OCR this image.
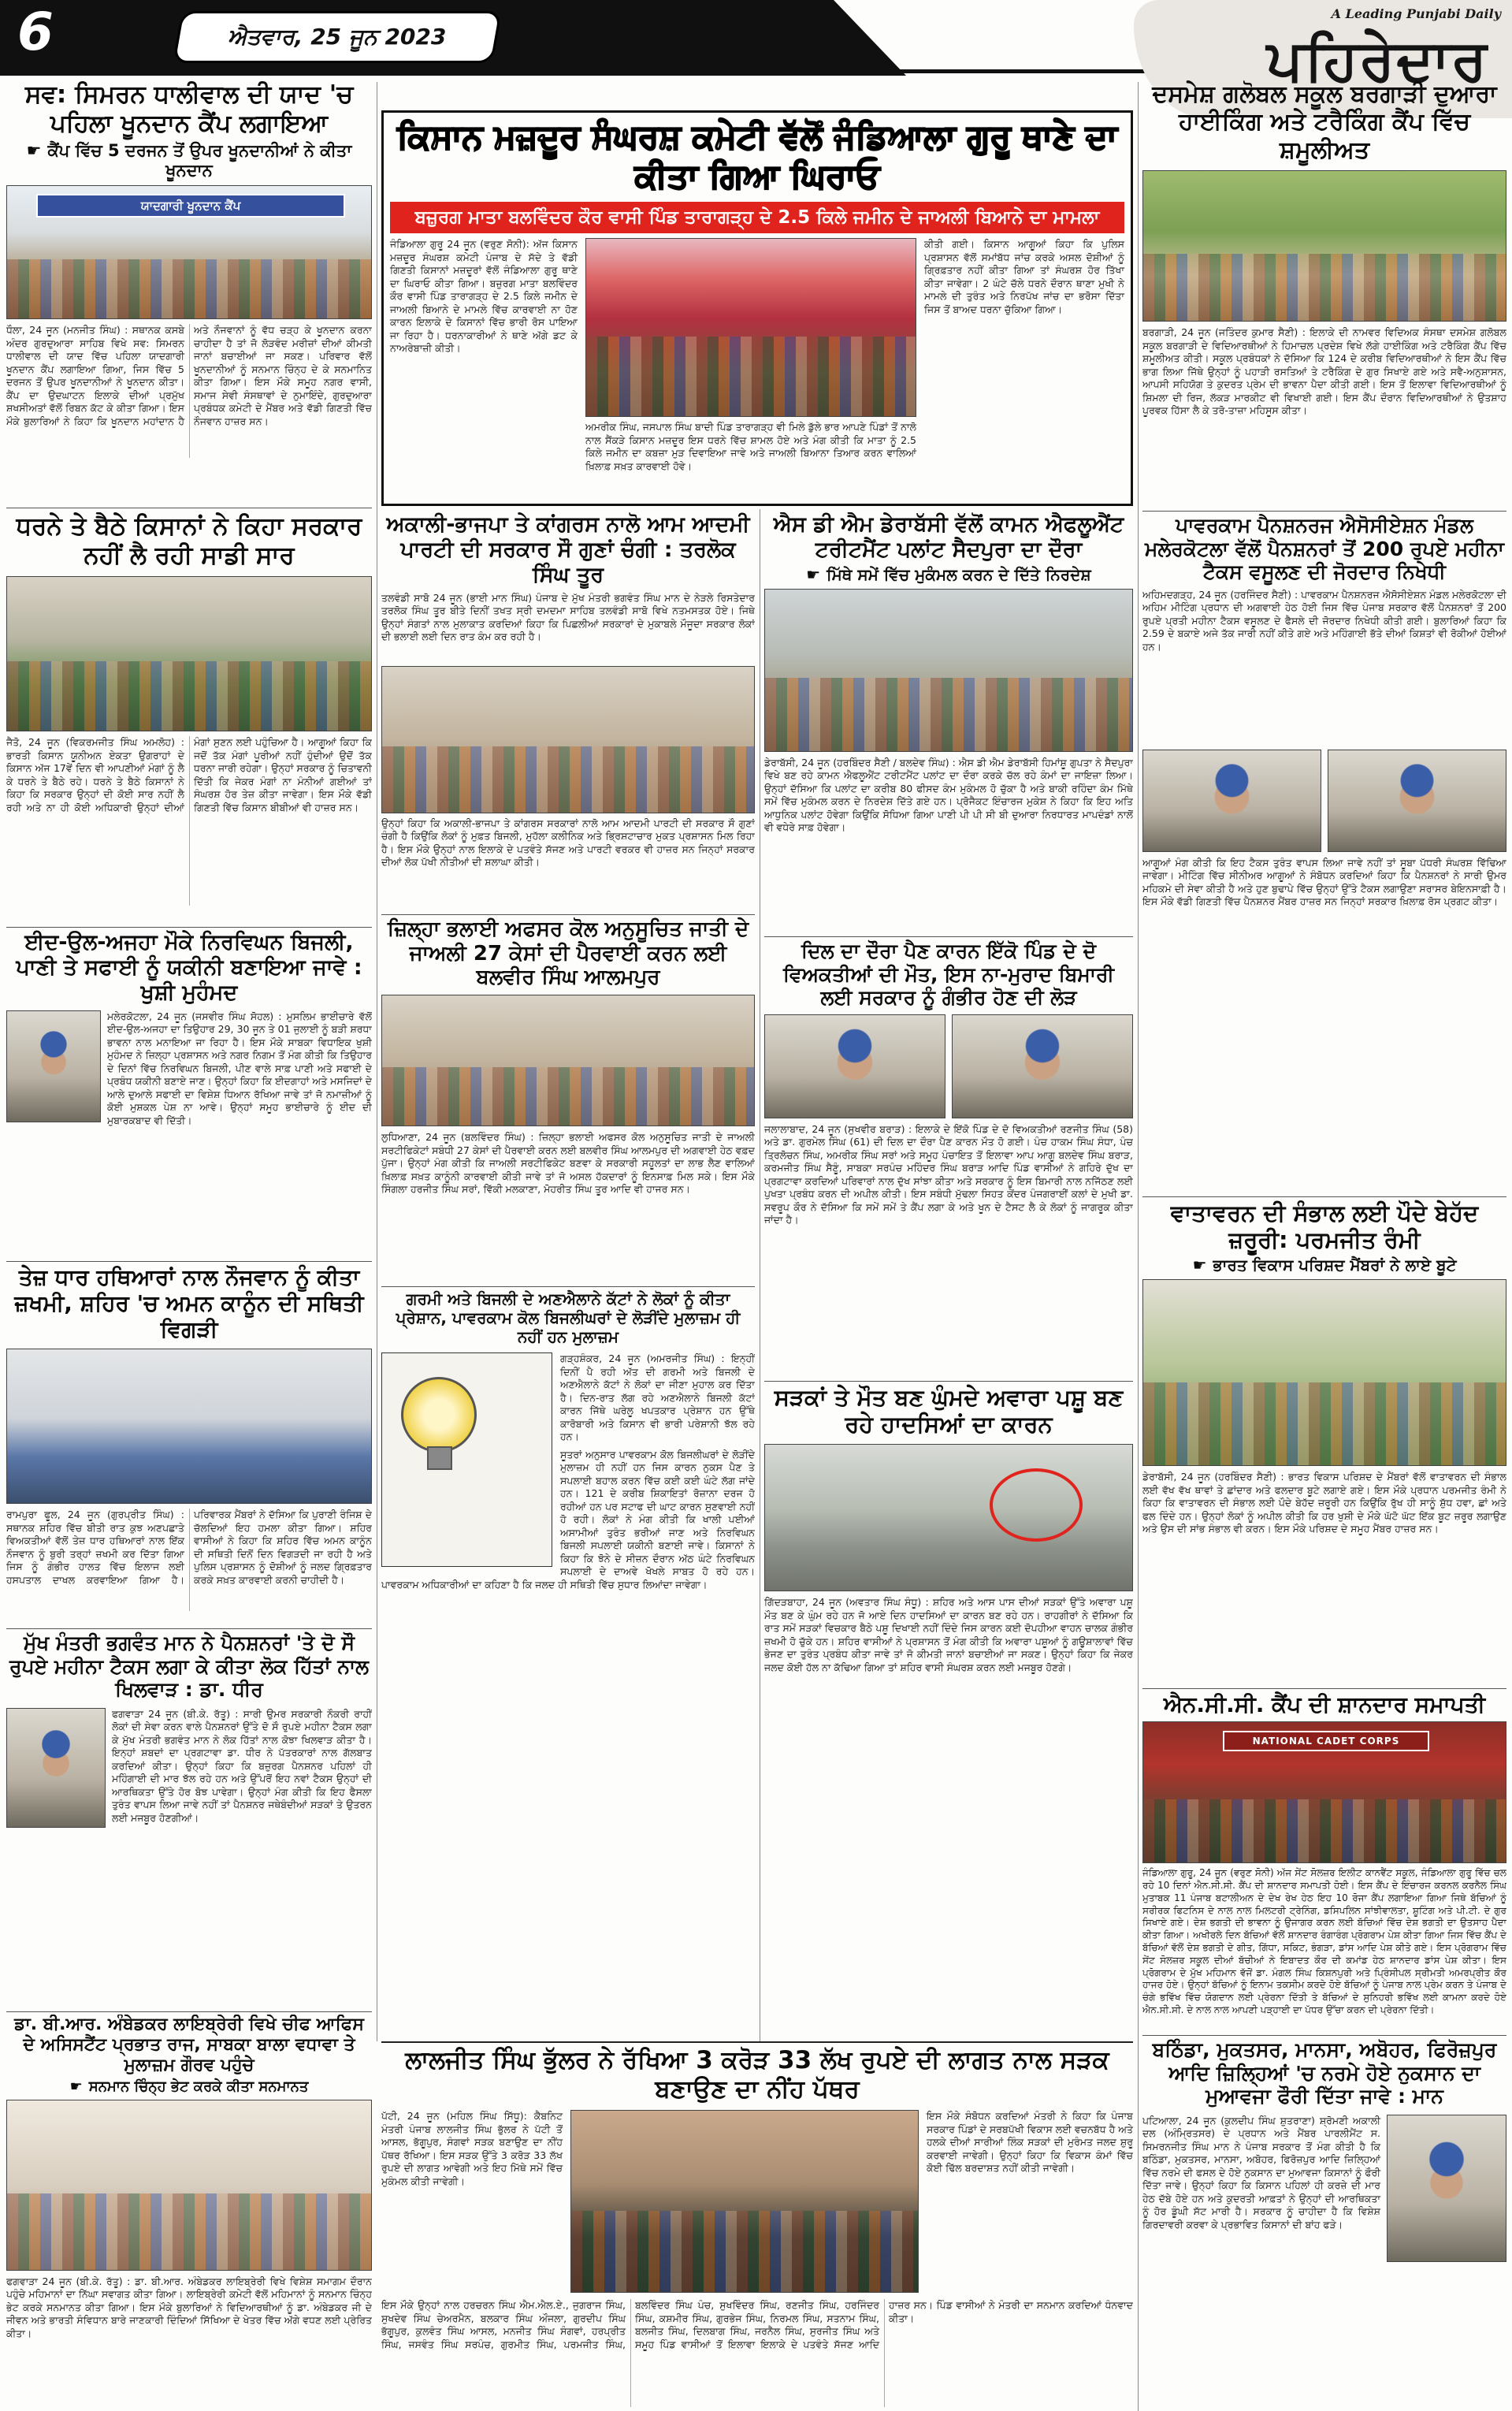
6	ਐਤਵਾਰ, 25 ਜੂਨ 2023
A Leading Punjabi Daily
ਪਹਿਰੇਦਾਰ
ਸਵ: ਸਿਮਰਨ ਧਾਲੀਵਾਲ ਦੀ ਯਾਦ 'ਚ ਪਹਿਲਾ ਖੂਨਦਾਨ ਕੈਂਪ ਲਗਾਇਆ
☛ ਕੈਂਪ ਵਿੱਚ 5 ਦਰਜਨ ਤੋਂ ਉਪਰ ਖੂਨਦਾਨੀਆਂ ਨੇ ਕੀਤਾ ਖੂਨਦਾਨ
ਯਾਦਗਾਰੀ ਖੂਨਦਾਨ ਕੈਂਪ
ਧੌਲਾ, 24 ਜੂਨ (ਮਨਜੀਤ ਸਿੰਘ) : ਸਥਾਨਕ ਕਸਬੇ ਅੰਦਰ ਗੁਰਦੁਆਰਾ ਸਾਹਿਬ ਵਿਖੇ ਸਵ: ਸਿਮਰਨ ਧਾਲੀਵਾਲ ਦੀ ਯਾਦ ਵਿੱਚ ਪਹਿਲਾ ਯਾਦਗਾਰੀ ਖੂਨਦਾਨ ਕੈਂਪ ਲਗਾਇਆ ਗਿਆ, ਜਿਸ ਵਿੱਚ 5 ਦਰਜਨ ਤੋਂ ਉਪਰ ਖੂਨਦਾਨੀਆਂ ਨੇ ਖੂਨਦਾਨ ਕੀਤਾ। ਕੈਂਪ ਦਾ ਉਦਘਾਟਨ ਇਲਾਕੇ ਦੀਆਂ ਪ੍ਰਮੁੱਖ ਸ਼ਖਸੀਅਤਾਂ ਵੱਲੋਂ ਰਿਬਨ ਕੱਟ ਕੇ ਕੀਤਾ ਗਿਆ। ਇਸ ਮੌਕੇ ਬੁਲਾਰਿਆਂ ਨੇ ਕਿਹਾ ਕਿ ਖੂਨਦਾਨ ਮਹਾਂਦਾਨ ਹੈ ਅਤੇ ਨੌਜਵਾਨਾਂ ਨੂੰ ਵੱਧ ਚੜ੍ਹ ਕੇ ਖੂਨਦਾਨ ਕਰਨਾ ਚਾਹੀਦਾ ਹੈ ਤਾਂ ਜੋ ਲੋੜਵੰਦ ਮਰੀਜ਼ਾਂ ਦੀਆਂ ਕੀਮਤੀ ਜਾਨਾਂ ਬਚਾਈਆਂ ਜਾ ਸਕਣ। ਪਰਿਵਾਰ ਵੱਲੋਂ ਖੂਨਦਾਨੀਆਂ ਨੂੰ ਸਨਮਾਨ ਚਿੰਨ੍ਹ ਦੇ ਕੇ ਸਨਮਾਨਿਤ ਕੀਤਾ ਗਿਆ। ਇਸ ਮੌਕੇ ਸਮੂਹ ਨਗਰ ਵਾਸੀ, ਸਮਾਜ ਸੇਵੀ ਸੰਸਥਾਵਾਂ ਦੇ ਨੁਮਾਇੰਦੇ, ਗੁਰਦੁਆਰਾ ਪ੍ਰਬੰਧਕ ਕਮੇਟੀ ਦੇ ਮੈਂਬਰ ਅਤੇ ਵੱਡੀ ਗਿਣਤੀ ਵਿੱਚ ਨੌਜਵਾਨ ਹਾਜ਼ਰ ਸਨ।
ਕਿਸਾਨ ਮਜ਼ਦੂਰ ਸੰਘਰਸ਼ ਕਮੇਟੀ ਵੱਲੋਂ ਜੰਡਿਆਲਾ ਗੁਰੂ ਥਾਣੇ ਦਾ ਕੀਤਾ ਗਿਆ ਘਿਰਾਓ
ਬਜ਼ੁਰਗ ਮਾਤਾ ਬਲਵਿੰਦਰ ਕੌਰ ਵਾਸੀ ਪਿੰਡ ਤਾਰਾਗੜ੍ਹ ਦੇ 2.5 ਕਿਲੇ ਜਮੀਨ ਦੇ ਜਾਅਲੀ ਬਿਆਨੇ ਦਾ ਮਾਮਲਾ
ਜੰਡਿਆਲਾ ਗੁਰੂ 24 ਜੂਨ (ਵਰੁਣ ਸੋਨੀ): ਅੱਜ ਕਿਸਾਨ ਮਜ਼ਦੂਰ ਸੰਘਰਸ਼ ਕਮੇਟੀ ਪੰਜਾਬ ਦੇ ਸੱਦੇ ਤੇ ਵੱਡੀ ਗਿਣਤੀ ਕਿਸਾਨਾਂ ਮਜ਼ਦੂਰਾਂ ਵੱਲੋਂ ਜੰਡਿਆਲਾ ਗੁਰੂ ਥਾਣੇ ਦਾ ਘਿਰਾਓ ਕੀਤਾ ਗਿਆ। ਬਜ਼ੁਰਗ ਮਾਤਾ ਬਲਵਿੰਦਰ ਕੌਰ ਵਾਸੀ ਪਿੰਡ ਤਾਰਾਗੜ੍ਹ ਦੇ 2.5 ਕਿਲੇ ਜਮੀਨ ਦੇ ਜਾਅਲੀ ਬਿਆਨੇ ਦੇ ਮਾਮਲੇ ਵਿੱਚ ਕਾਰਵਾਈ ਨਾ ਹੋਣ ਕਾਰਨ ਇਲਾਕੇ ਦੇ ਕਿਸਾਨਾਂ ਵਿੱਚ ਭਾਰੀ ਰੋਸ ਪਾਇਆ ਜਾ ਰਿਹਾ ਹੈ। ਧਰਨਾਕਾਰੀਆਂ ਨੇ ਥਾਣੇ ਅੱਗੇ ਡਟ ਕੇ ਨਾਅਰੇਬਾਜ਼ੀ ਕੀਤੀ।
ਅਮਰੀਕ ਸਿੰਘ, ਜਸਪਾਲ ਸਿੰਘ ਬਾਦੀ ਪਿੰਡ ਤਾਰਾਗੜ੍ਹ ਵੀ ਮਿਲੇ ਡੁੱਲੇ ਭਾਰ ਆਪਣੇ ਪਿੰਡਾਂ ਤੋਂ ਨਾਲੋ ਨਾਲ ਸੈਂਕੜੇ ਕਿਸਾਨ ਮਜ਼ਦੂਰ ਇਸ ਧਰਨੇ ਵਿੱਚ ਸ਼ਾਮਲ ਹੋਏ ਅਤੇ ਮੰਗ ਕੀਤੀ ਕਿ ਮਾਤਾ ਨੂੰ 2.5 ਕਿਲੇ ਜਮੀਨ ਦਾ ਕਬਜ਼ਾ ਮੁੜ ਦਿਵਾਇਆ ਜਾਵੇ ਅਤੇ ਜਾਅਲੀ ਬਿਆਨਾ ਤਿਆਰ ਕਰਨ ਵਾਲਿਆਂ ਖ਼ਿਲਾਫ਼ ਸਖ਼ਤ ਕਾਰਵਾਈ ਹੋਵੇ।
ਕੀਤੀ ਗਈ। ਕਿਸਾਨ ਆਗੂਆਂ ਕਿਹਾ ਕਿ ਪੁਲਿਸ ਪ੍ਰਸ਼ਾਸਨ ਵੱਲੋਂ ਸਮਾਂਬੱਧ ਜਾਂਚ ਕਰਕੇ ਅਸਲ ਦੋਸ਼ੀਆਂ ਨੂੰ ਗ੍ਰਿਫ਼ਤਾਰ ਨਹੀਂ ਕੀਤਾ ਗਿਆ ਤਾਂ ਸੰਘਰਸ਼ ਹੋਰ ਤਿੱਖਾ ਕੀਤਾ ਜਾਵੇਗਾ। 2 ਘੰਟੇ ਚੱਲੇ ਧਰਨੇ ਦੌਰਾਨ ਥਾਣਾ ਮੁਖੀ ਨੇ ਮਾਮਲੇ ਦੀ ਤੁਰੰਤ ਅਤੇ ਨਿਰਪੱਖ ਜਾਂਚ ਦਾ ਭਰੋਸਾ ਦਿੱਤਾ ਜਿਸ ਤੋਂ ਬਾਅਦ ਧਰਨਾ ਚੁੱਕਿਆ ਗਿਆ।
ਦਸਮੇਸ਼ ਗਲੋਬਲ ਸਕੂਲ ਬਰਗਾੜੀ ਦੁਆਰਾ ਹਾਈਕਿੰਗ ਅਤੇ ਟਰੈਕਿੰਗ ਕੈਂਪ ਵਿੱਚ ਸ਼ਮੂਲੀਅਤ
ਬਰਗਾੜੀ, 24 ਜੂਨ (ਜਤਿੰਦਰ ਕੁਮਾਰ ਸੈਣੀ) : ਇਲਾਕੇ ਦੀ ਨਾਮਵਰ ਵਿਦਿਅਕ ਸੰਸਥਾ ਦਸਮੇਸ਼ ਗਲੋਬਲ ਸਕੂਲ ਬਰਗਾੜੀ ਦੇ ਵਿਦਿਆਰਥੀਆਂ ਨੇ ਹਿਮਾਚਲ ਪ੍ਰਦੇਸ਼ ਵਿਖੇ ਲੱਗੇ ਹਾਈਕਿੰਗ ਅਤੇ ਟਰੈਕਿੰਗ ਕੈਂਪ ਵਿੱਚ ਸ਼ਮੂਲੀਅਤ ਕੀਤੀ। ਸਕੂਲ ਪ੍ਰਬੰਧਕਾਂ ਨੇ ਦੱਸਿਆ ਕਿ 124 ਦੇ ਕਰੀਬ ਵਿਦਿਆਰਥੀਆਂ ਨੇ ਇਸ ਕੈਂਪ ਵਿੱਚ ਭਾਗ ਲਿਆ ਜਿੱਥੇ ਉਨ੍ਹਾਂ ਨੂੰ ਪਹਾੜੀ ਰਸਤਿਆਂ ਤੇ ਟਰੈਕਿੰਗ ਦੇ ਗੁਰ ਸਿਖਾਏ ਗਏ ਅਤੇ ਸਵੈ-ਅਨੁਸ਼ਾਸਨ, ਆਪਸੀ ਸਹਿਯੋਗ ਤੇ ਕੁਦਰਤ ਪ੍ਰੇਮ ਦੀ ਭਾਵਨਾ ਪੈਦਾ ਕੀਤੀ ਗਈ। ਇਸ ਤੋਂ ਇਲਾਵਾ ਵਿਦਿਆਰਥੀਆਂ ਨੂੰ ਸ਼ਿਮਲਾ ਦੀ ਰਿਜ, ਲੱਕੜ ਮਾਰਕੀਟ ਵੀ ਵਿਖਾਈ ਗਈ। ਇਸ ਕੈਂਪ ਦੌਰਾਨ ਵਿਦਿਆਰਥੀਆਂ ਨੇ ਉਤਸ਼ਾਹ ਪੂਰਵਕ ਹਿੱਸਾ ਲੈ ਕੇ ਤਰੋ-ਤਾਜ਼ਾ ਮਹਿਸੂਸ ਕੀਤਾ।
ਧਰਨੇ ਤੇ ਬੈਠੇ ਕਿਸਾਨਾਂ ਨੇ ਕਿਹਾ ਸਰਕਾਰ ਨਹੀਂ ਲੈ ਰਹੀ ਸਾਡੀ ਸਾਰ
ਜੈਤੋ, 24 ਜੂਨ (ਵਿਕਰਮਜੀਤ ਸਿੰਘ ਅਮਲੋਹ) : ਭਾਰਤੀ ਕਿਸਾਨ ਯੂਨੀਅਨ ਏਕਤਾ ਉਗਰਾਹਾਂ ਦੇ ਕਿਸਾਨ ਅੱਜ 17ਵੇਂ ਦਿਨ ਵੀ ਆਪਣੀਆਂ ਮੰਗਾਂ ਨੂੰ ਲੈ ਕੇ ਧਰਨੇ ਤੇ ਬੈਠੇ ਰਹੇ। ਧਰਨੇ ਤੇ ਬੈਠੇ ਕਿਸਾਨਾਂ ਨੇ ਕਿਹਾ ਕਿ ਸਰਕਾਰ ਉਨ੍ਹਾਂ ਦੀ ਕੋਈ ਸਾਰ ਨਹੀਂ ਲੈ ਰਹੀ ਅਤੇ ਨਾ ਹੀ ਕੋਈ ਅਧਿਕਾਰੀ ਉਨ੍ਹਾਂ ਦੀਆਂ ਮੰਗਾਂ ਸੁਣਨ ਲਈ ਪਹੁੰਚਿਆ ਹੈ। ਆਗੂਆਂ ਕਿਹਾ ਕਿ ਜਦੋਂ ਤੱਕ ਮੰਗਾਂ ਪੂਰੀਆਂ ਨਹੀਂ ਹੁੰਦੀਆਂ ਉਦੋਂ ਤੱਕ ਧਰਨਾ ਜਾਰੀ ਰਹੇਗਾ। ਉਨ੍ਹਾਂ ਸਰਕਾਰ ਨੂੰ ਚਿਤਾਵਨੀ ਦਿੱਤੀ ਕਿ ਜੇਕਰ ਮੰਗਾਂ ਨਾ ਮੰਨੀਆਂ ਗਈਆਂ ਤਾਂ ਸੰਘਰਸ਼ ਹੋਰ ਤੇਜ਼ ਕੀਤਾ ਜਾਵੇਗਾ। ਇਸ ਮੌਕੇ ਵੱਡੀ ਗਿਣਤੀ ਵਿੱਚ ਕਿਸਾਨ ਬੀਬੀਆਂ ਵੀ ਹਾਜ਼ਰ ਸਨ।
ਅਕਾਲੀ-ਭਾਜਪਾ ਤੇ ਕਾਂਗਰਸ ਨਾਲੋ ਆਮ ਆਦਮੀ ਪਾਰਟੀ ਦੀ ਸਰਕਾਰ ਸੌ ਗੁਣਾਂ ਚੰਗੀ : ਤਰਲੋਕ ਸਿੰਘ ਤੂਰ
ਤਲਵੰਡੀ ਸਾਬੋ 24 ਜੂਨ (ਭਾਈ ਮਾਨ ਸਿੰਘ) ਪੰਜਾਬ ਦੇ ਮੁੱਖ ਮੰਤਰੀ ਭਗਵੰਤ ਸਿੰਘ ਮਾਨ ਦੇ ਨੇੜਲੇ ਰਿਸਤੇਦਾਰ ਤਰਲੋਕ ਸਿੰਘ ਤੂਰ ਬੀਤੇ ਦਿਨੀਂ ਤਖਤ ਸ੍ਰੀ ਦਮਦਮਾ ਸਾਹਿਬ ਤਲਵੰਡੀ ਸਾਬੋ ਵਿਖੇ ਨਤਮਸਤਕ ਹੋਏ। ਜਿਥੇ ਉਨ੍ਹਾਂ ਸੰਗਤਾਂ ਨਾਲ ਮੁਲਾਕਾਤ ਕਰਦਿਆਂ ਕਿਹਾ ਕਿ ਪਿਛਲੀਆਂ ਸਰਕਾਰਾਂ ਦੇ ਮੁਕਾਬਲੇ ਮੌਜੂਦਾ ਸਰਕਾਰ ਲੋਕਾਂ ਦੀ ਭਲਾਈ ਲਈ ਦਿਨ ਰਾਤ ਕੰਮ ਕਰ ਰਹੀ ਹੈ।
ਉਨ੍ਹਾਂ ਕਿਹਾ ਕਿ ਅਕਾਲੀ-ਭਾਜਪਾ ਤੇ ਕਾਂਗਰਸ ਸਰਕਾਰਾਂ ਨਾਲੋ ਆਮ ਆਦਮੀ ਪਾਰਟੀ ਦੀ ਸਰਕਾਰ ਸੌ ਗੁਣਾਂ ਚੰਗੀ ਹੈ ਕਿਉਂਕਿ ਲੋਕਾਂ ਨੂੰ ਮੁਫ਼ਤ ਬਿਜਲੀ, ਮੁਹੱਲਾ ਕਲੀਨਿਕ ਅਤੇ ਭ੍ਰਿਸ਼ਟਾਚਾਰ ਮੁਕਤ ਪ੍ਰਸ਼ਾਸਨ ਮਿਲ ਰਿਹਾ ਹੈ। ਇਸ ਮੌਕੇ ਉਨ੍ਹਾਂ ਨਾਲ ਇਲਾਕੇ ਦੇ ਪਤਵੰਤੇ ਸੱਜਣ ਅਤੇ ਪਾਰਟੀ ਵਰਕਰ ਵੀ ਹਾਜ਼ਰ ਸਨ ਜਿਨ੍ਹਾਂ ਸਰਕਾਰ ਦੀਆਂ ਲੋਕ ਪੱਖੀ ਨੀਤੀਆਂ ਦੀ ਸ਼ਲਾਘਾ ਕੀਤੀ।
ਐਸ ਡੀ ਐਮ ਡੇਰਾਬੱਸੀ ਵੱਲੋਂ ਕਾਮਨ ਐਫਲੂਐਂਟ ਟਰੀਟਮੈਂਟ ਪਲਾਂਟ ਸੈਦਪੁਰਾ ਦਾ ਦੌਰਾ
☛ ਮਿੱਥੇ ਸਮੇਂ ਵਿੱਚ ਮੁਕੰਮਲ ਕਰਨ ਦੇ ਦਿੱਤੇ ਨਿਰਦੇਸ਼
ਡੇਰਾਬੱਸੀ, 24 ਜੂਨ (ਹਰਬਿੰਦਰ ਸੈਣੀ / ਬਲਦੇਵ ਸਿੰਘ) : ਐਸ ਡੀ ਐਮ ਡੇਰਾਬੱਸੀ ਹਿਮਾਂਸ਼ੂ ਗੁਪਤਾ ਨੇ ਸੈਦਪੁਰਾ ਵਿਖੇ ਬਣ ਰਹੇ ਕਾਮਨ ਐਫਲੂਐਂਟ ਟਰੀਟਮੈਂਟ ਪਲਾਂਟ ਦਾ ਦੌਰਾ ਕਰਕੇ ਚੱਲ ਰਹੇ ਕੰਮਾਂ ਦਾ ਜਾਇਜ਼ਾ ਲਿਆ। ਉਨ੍ਹਾਂ ਦੱਸਿਆ ਕਿ ਪਲਾਂਟ ਦਾ ਕਰੀਬ 80 ਫੀਸਦ ਕੰਮ ਮੁਕੰਮਲ ਹੋ ਚੁੱਕਾ ਹੈ ਅਤੇ ਬਾਕੀ ਰਹਿੰਦਾ ਕੰਮ ਮਿੱਥੇ ਸਮੇਂ ਵਿੱਚ ਮੁਕੰਮਲ ਕਰਨ ਦੇ ਨਿਰਦੇਸ਼ ਦਿੱਤੇ ਗਏ ਹਨ। ਪ੍ਰੋਜੈਕਟ ਇੰਚਾਰਜ ਮੁਕੇਸ਼ ਨੇ ਕਿਹਾ ਕਿ ਇਹ ਅਤਿ ਆਧੁਨਿਕ ਪਲਾਂਟ ਹੋਵੇਗਾ ਕਿਉਂਕਿ ਸੋਧਿਆ ਗਿਆ ਪਾਣੀ ਪੀ ਪੀ ਸੀ ਬੀ ਦੁਆਰਾ ਨਿਰਧਾਰਤ ਮਾਪਦੰਡਾਂ ਨਾਲੋਂ ਵੀ ਵਧੇਰੇ ਸਾਫ਼ ਹੋਵੇਗਾ।
ਪਾਵਰਕਾਮ ਪੈਨਸ਼ਨਰਜ ਐਸੋਸੀਏਸ਼ਨ ਮੰਡਲ ਮਲੇਰਕੋਟਲਾ ਵੱਲੋਂ ਪੈਨਸ਼ਨਰਾਂ ਤੋਂ 200 ਰੁਪਏ ਮਹੀਨਾ ਟੈਕਸ ਵਸੂਲਣ ਦੀ ਜੋਰਦਾਰ ਨਿਖੇਧੀ
ਅਹਿਮਦਗੜ੍ਹ, 24 ਜੂਨ (ਹਰਜਿੰਦਰ ਸੈਣੀ) : ਪਾਵਰਕਾਮ ਪੈਨਸ਼ਨਰਜ ਐਸੋਸੀਏਸ਼ਨ ਮੰਡਲ ਮਲੇਰਕੋਟਲਾ ਦੀ ਅਹਿਮ ਮੀਟਿੰਗ ਪ੍ਰਧਾਨ ਦੀ ਅਗਵਾਈ ਹੇਠ ਹੋਈ ਜਿਸ ਵਿੱਚ ਪੰਜਾਬ ਸਰਕਾਰ ਵੱਲੋਂ ਪੈਨਸ਼ਨਰਾਂ ਤੋਂ 200 ਰੁਪਏ ਪ੍ਰਤੀ ਮਹੀਨਾ ਟੈਕਸ ਵਸੂਲਣ ਦੇ ਫੈਸਲੇ ਦੀ ਜੋਰਦਾਰ ਨਿਖੇਧੀ ਕੀਤੀ ਗਈ। ਬੁਲਾਰਿਆਂ ਕਿਹਾ ਕਿ 2.59 ਦੇ ਬਕਾਏ ਅਜੇ ਤੱਕ ਜਾਰੀ ਨਹੀਂ ਕੀਤੇ ਗਏ ਅਤੇ ਮਹਿੰਗਾਈ ਭੱਤੇ ਦੀਆਂ ਕਿਸ਼ਤਾਂ ਵੀ ਰੋਕੀਆਂ ਹੋਈਆਂ ਹਨ।
ਆਗੂਆਂ ਮੰਗ ਕੀਤੀ ਕਿ ਇਹ ਟੈਕਸ ਤੁਰੰਤ ਵਾਪਸ ਲਿਆ ਜਾਵੇ ਨਹੀਂ ਤਾਂ ਸੂਬਾ ਪੱਧਰੀ ਸੰਘਰਸ਼ ਵਿੱਢਿਆ ਜਾਵੇਗਾ। ਮੀਟਿੰਗ ਵਿੱਚ ਸੀਨੀਅਰ ਆਗੂਆਂ ਨੇ ਸੰਬੋਧਨ ਕਰਦਿਆਂ ਕਿਹਾ ਕਿ ਪੈਨਸ਼ਨਰਾਂ ਨੇ ਸਾਰੀ ਉਮਰ ਮਹਿਕਮੇ ਦੀ ਸੇਵਾ ਕੀਤੀ ਹੈ ਅਤੇ ਹੁਣ ਬੁਢਾਪੇ ਵਿੱਚ ਉਨ੍ਹਾਂ ਉੱਤੇ ਟੈਕਸ ਲਗਾਉਣਾ ਸਰਾਸਰ ਬੇਇਨਸਾਫ਼ੀ ਹੈ। ਇਸ ਮੌਕੇ ਵੱਡੀ ਗਿਣਤੀ ਵਿੱਚ ਪੈਨਸ਼ਨਰ ਮੈਂਬਰ ਹਾਜ਼ਰ ਸਨ ਜਿਨ੍ਹਾਂ ਸਰਕਾਰ ਖ਼ਿਲਾਫ਼ ਰੋਸ ਪ੍ਰਗਟ ਕੀਤਾ।
ਈਦ-ਉਲ-ਅਜਹਾ ਮੌਕੇ ਨਿਰਵਿਘਨ ਬਿਜਲੀ, ਪਾਣੀ ਤੇ ਸਫਾਈ ਨੂੰ ਯਕੀਨੀ ਬਣਾਇਆ ਜਾਵੇ : ਖੁਸ਼ੀ ਮੁਹੰਮਦ
ਮਲੇਰਕੋਟਲਾ, 24 ਜੂਨ (ਜਸਵੀਰ ਸਿੰਘ ਸੋਹਲ) : ਮੁਸਲਿਮ ਭਾਈਚਾਰੇ ਵੱਲੋਂ ਈਦ-ਉਲ-ਅਜਹਾ ਦਾ ਤਿਉਹਾਰ 29, 30 ਜੂਨ ਤੇ 01 ਜੁਲਾਈ ਨੂੰ ਬੜੀ ਸ਼ਰਧਾ ਭਾਵਨਾ ਨਾਲ ਮਨਾਇਆ ਜਾ ਰਿਹਾ ਹੈ। ਇਸ ਮੌਕੇ ਸਾਬਕਾ ਵਿਧਾਇਕ ਖੁਸ਼ੀ ਮੁਹੰਮਦ ਨੇ ਜ਼ਿਲ੍ਹਾ ਪ੍ਰਸ਼ਾਸਨ ਅਤੇ ਨਗਰ ਨਿਗਮ ਤੋਂ ਮੰਗ ਕੀਤੀ ਕਿ ਤਿਉਹਾਰ ਦੇ ਦਿਨਾਂ ਵਿੱਚ ਨਿਰਵਿਘਨ ਬਿਜਲੀ, ਪੀਣ ਵਾਲੇ ਸਾਫ਼ ਪਾਣੀ ਅਤੇ ਸਫਾਈ ਦੇ ਪ੍ਰਬੰਧ ਯਕੀਨੀ ਬਣਾਏ ਜਾਣ। ਉਨ੍ਹਾਂ ਕਿਹਾ ਕਿ ਈਦਗਾਹਾਂ ਅਤੇ ਮਸਜਿਦਾਂ ਦੇ ਆਲੇ ਦੁਆਲੇ ਸਫਾਈ ਦਾ ਵਿਸ਼ੇਸ਼ ਧਿਆਨ ਰੱਖਿਆ ਜਾਵੇ ਤਾਂ ਜੋ ਨਮਾਜ਼ੀਆਂ ਨੂੰ ਕੋਈ ਮੁਸ਼ਕਲ ਪੇਸ਼ ਨਾ ਆਵੇ। ਉਨ੍ਹਾਂ ਸਮੂਹ ਭਾਈਚਾਰੇ ਨੂੰ ਈਦ ਦੀ ਮੁਬਾਰਕਬਾਦ ਵੀ ਦਿੱਤੀ।
ਜ਼ਿਲ੍ਹਾ ਭਲਾਈ ਅਫਸਰ ਕੋਲ ਅਨੁਸੂਚਿਤ ਜਾਤੀ ਦੇ ਜਾਅਲੀ 27 ਕੇਸਾਂ ਦੀ ਪੈਰਵਾਈ ਕਰਨ ਲਈ ਬਲਵੀਰ ਸਿੰਘ ਆਲਮਪੁਰ
ਲੁਧਿਆਣਾ, 24 ਜੂਨ (ਬਲਵਿੰਦਰ ਸਿੰਘ) : ਜ਼ਿਲ੍ਹਾ ਭਲਾਈ ਅਫਸਰ ਕੋਲ ਅਨੁਸੂਚਿਤ ਜਾਤੀ ਦੇ ਜਾਅਲੀ ਸਰਟੀਫਿਕੇਟਾਂ ਸਬੰਧੀ 27 ਕੇਸਾਂ ਦੀ ਪੈਰਵਾਈ ਕਰਨ ਲਈ ਬਲਵੀਰ ਸਿੰਘ ਆਲਮਪੁਰ ਦੀ ਅਗਵਾਈ ਹੇਠ ਵਫ਼ਦ ਪੁੱਜਾ। ਉਨ੍ਹਾਂ ਮੰਗ ਕੀਤੀ ਕਿ ਜਾਅਲੀ ਸਰਟੀਫਿਕੇਟ ਬਣਵਾ ਕੇ ਸਰਕਾਰੀ ਸਹੂਲਤਾਂ ਦਾ ਲਾਭ ਲੈਣ ਵਾਲਿਆਂ ਖ਼ਿਲਾਫ਼ ਸਖ਼ਤ ਕਾਨੂੰਨੀ ਕਾਰਵਾਈ ਕੀਤੀ ਜਾਵੇ ਤਾਂ ਜੋ ਅਸਲ ਹੱਕਦਾਰਾਂ ਨੂੰ ਇਨਸਾਫ਼ ਮਿਲ ਸਕੇ। ਇਸ ਮੌਕੇ ਸਿੰਗਲਾ ਹਰਜੀਤ ਸਿੰਘ ਸਰਾਂ, ਵਿੱਕੀ ਮਲਕਾਣਾ, ਮੋਹਰੀਤ ਸਿੰਘ ਤੂਰ ਆਦਿ ਵੀ ਹਾਜਰ ਸਨ।
ਗਰਮੀ ਅਤੇ ਬਿਜਲੀ ਦੇ ਅਣਐਲਾਨੇ ਕੱਟਾਂ ਨੇ ਲੋਕਾਂ ਨੂੰ ਕੀਤਾ ਪ੍ਰੇਸ਼ਾਨ, ਪਾਵਰਕਾਮ ਕੋਲ ਬਿਜਲੀਘਰਾਂ ਦੇ ਲੋੜੀਂਦੇ ਮੁਲਾਜ਼ਮ ਹੀ ਨਹੀਂ ਹਨ ਮੁਲਾਜ਼ਮ
ਗੜ੍ਹਸ਼ੰਕਰ, 24 ਜੂਨ (ਅਮਰਜੀਤ ਸਿੰਘ) : ਇਨ੍ਹੀਂ ਦਿਨੀਂ ਪੈ ਰਹੀ ਅੱਤ ਦੀ ਗਰਮੀ ਅਤੇ ਬਿਜਲੀ ਦੇ ਅਣਐਲਾਨੇ ਕੱਟਾਂ ਨੇ ਲੋਕਾਂ ਦਾ ਜੀਣਾ ਮੁਹਾਲ ਕਰ ਦਿੱਤਾ ਹੈ। ਦਿਨ-ਰਾਤ ਲੱਗ ਰਹੇ ਅਣਐਲਾਨੇ ਬਿਜਲੀ ਕੱਟਾਂ ਕਾਰਨ ਜਿੱਥੇ ਘਰੇਲੂ ਖਪਤਕਾਰ ਪ੍ਰੇਸ਼ਾਨ ਹਨ ਉੱਥੇ ਕਾਰੋਬਾਰੀ ਅਤੇ ਕਿਸਾਨ ਵੀ ਭਾਰੀ ਪਰੇਸ਼ਾਨੀ ਝੱਲ ਰਹੇ ਹਨ।
ਸੂਤਰਾਂ ਅਨੁਸਾਰ ਪਾਵਰਕਾਮ ਕੋਲ ਬਿਜਲੀਘਰਾਂ ਦੇ ਲੋੜੀਂਦੇ ਮੁਲਾਜ਼ਮ ਹੀ ਨਹੀਂ ਹਨ ਜਿਸ ਕਾਰਨ ਨੁਕਸ ਪੈਣ ਤੇ ਸਪਲਾਈ ਬਹਾਲ ਕਰਨ ਵਿੱਚ ਕਈ ਕਈ ਘੰਟੇ ਲੱਗ ਜਾਂਦੇ ਹਨ। 121 ਦੇ ਕਰੀਬ ਸ਼ਿਕਾਇਤਾਂ ਰੋਜ਼ਾਨਾ ਦਰਜ ਹੋ ਰਹੀਆਂ ਹਨ ਪਰ ਸਟਾਫ ਦੀ ਘਾਟ ਕਾਰਨ ਸੁਣਵਾਈ ਨਹੀਂ ਹੋ ਰਹੀ। ਲੋਕਾਂ ਨੇ ਮੰਗ ਕੀਤੀ ਕਿ ਖਾਲੀ ਪਈਆਂ ਅਸਾਮੀਆਂ ਤੁਰੰਤ ਭਰੀਆਂ ਜਾਣ ਅਤੇ ਨਿਰਵਿਘਨ ਬਿਜਲੀ ਸਪਲਾਈ ਯਕੀਨੀ ਬਣਾਈ ਜਾਵੇ। ਕਿਸਾਨਾਂ ਨੇ ਕਿਹਾ ਕਿ ਝੋਨੇ ਦੇ ਸੀਜ਼ਨ ਦੌਰਾਨ ਅੱਠ ਘੰਟੇ ਨਿਰਵਿਘਨ ਸਪਲਾਈ ਦੇ ਦਾਅਵੇ ਖੋਖਲੇ ਸਾਬਤ ਹੋ ਰਹੇ ਹਨ। ਪਾਵਰਕਾਮ ਅਧਿਕਾਰੀਆਂ ਦਾ ਕਹਿਣਾ ਹੈ ਕਿ ਜਲਦ ਹੀ ਸਥਿਤੀ ਵਿੱਚ ਸੁਧਾਰ ਲਿਆਂਦਾ ਜਾਵੇਗਾ।
ਦਿਲ ਦਾ ਦੌਰਾ ਪੈਣ ਕਾਰਨ ਇੱਕੋ ਪਿੰਡ ਦੇ ਦੋ ਵਿਅਕਤੀਆਂ ਦੀ ਮੌਤ, ਇਸ ਨਾ-ਮੁਰਾਦ ਬਿਮਾਰੀ ਲਈ ਸਰਕਾਰ ਨੂੰ ਗੰਭੀਰ ਹੋਣ ਦੀ ਲੋੜ
ਜਲਾਲਾਬਾਦ, 24 ਜੂਨ (ਸੁਖਵੀਰ ਬਰਾੜ) : ਇਲਾਕੇ ਦੇ ਇੱਕੋ ਪਿੰਡ ਦੇ ਦੋ ਵਿਅਕਤੀਆਂ ਰਣਜੀਤ ਸਿੰਘ (58) ਅਤੇ ਡਾ. ਗੁਰਮੇਲ ਸਿੰਘ (61) ਦੀ ਦਿਲ ਦਾ ਦੌਰਾ ਪੈਣ ਕਾਰਨ ਮੌਤ ਹੋ ਗਈ। ਪੰਚ ਹਾਕਮ ਸਿੰਘ ਸੰਧਾ, ਪੰਚ ਤ੍ਰਿਲੋਚਨ ਸਿੰਘ, ਅਮਰੀਕ ਸਿੰਘ ਸਰਾਂ ਅਤੇ ਸਮੂਹ ਪੰਚਾਇਤ ਤੋਂ ਇਲਾਵਾ ਆਪ ਆਗੂ ਬਲਦੇਵ ਸਿੰਘ ਬਰਾੜ, ਕਰਮਜੀਤ ਸਿੰਘ ਸੈਣੂੰ, ਸਾਬਕਾ ਸਰਪੰਚ ਮਹਿੰਦਰ ਸਿੰਘ ਬਰਾੜ ਆਦਿ ਪਿੰਡ ਵਾਸੀਆਂ ਨੇ ਗਹਿਰੇ ਦੁੱਖ ਦਾ ਪ੍ਰਗਟਾਵਾ ਕਰਦਿਆਂ ਪਰਿਵਾਰਾਂ ਨਾਲ ਦੁੱਖ ਸਾਂਝਾ ਕੀਤਾ ਅਤੇ ਸਰਕਾਰ ਨੂੰ ਇਸ ਬਿਮਾਰੀ ਨਾਲ ਨਜਿੱਠਣ ਲਈ ਪੁਖਤਾ ਪ੍ਰਬੰਧ ਕਰਨ ਦੀ ਅਪੀਲ ਕੀਤੀ। ਇਸ ਸਬੰਧੀ ਮੁੱਢਲਾ ਸਿਹਤ ਕੇਂਦਰ ਪੰਜਗਰਾਈਂ ਕਲਾਂ ਦੇ ਮੁਖੀ ਡਾ. ਸਵਰੂਪ ਕੌਰ ਨੇ ਦੱਸਿਆ ਕਿ ਸਮੇਂ ਸਮੇਂ ਤੇ ਕੈਂਪ ਲਗਾ ਕੇ ਅਤੇ ਖੂਨ ਦੇ ਟੈਸਟ ਲੈ ਕੇ ਲੋਕਾਂ ਨੂੰ ਜਾਗਰੂਕ ਕੀਤਾ ਜਾਂਦਾ ਹੈ।
ਸੜਕਾਂ ਤੇ ਮੌਤ ਬਣ ਘੁੰਮਦੇ ਅਵਾਰਾ ਪਸ਼ੂ ਬਣ ਰਹੇ ਹਾਦਸਿਆਂ ਦਾ ਕਾਰਨ
ਗਿੱਦੜਬਾਹਾ, 24 ਜੂਨ (ਅਵਤਾਰ ਸਿੰਘ ਸੰਧੂ) : ਸ਼ਹਿਰ ਅਤੇ ਆਸ ਪਾਸ ਦੀਆਂ ਸੜਕਾਂ ਉੱਤੇ ਅਵਾਰਾ ਪਸ਼ੂ ਮੌਤ ਬਣ ਕੇ ਘੁੰਮ ਰਹੇ ਹਨ ਜੋ ਆਏ ਦਿਨ ਹਾਦਸਿਆਂ ਦਾ ਕਾਰਨ ਬਣ ਰਹੇ ਹਨ। ਰਾਹਗੀਰਾਂ ਨੇ ਦੱਸਿਆ ਕਿ ਰਾਤ ਸਮੇਂ ਸੜਕਾਂ ਵਿਚਕਾਰ ਬੈਠੇ ਪਸ਼ੂ ਦਿਖਾਈ ਨਹੀਂ ਦਿੰਦੇ ਜਿਸ ਕਾਰਨ ਕਈ ਦੋਪਹੀਆ ਵਾਹਨ ਚਾਲਕ ਗੰਭੀਰ ਜ਼ਖਮੀ ਹੋ ਚੁੱਕੇ ਹਨ। ਸ਼ਹਿਰ ਵਾਸੀਆਂ ਨੇ ਪ੍ਰਸ਼ਾਸਨ ਤੋਂ ਮੰਗ ਕੀਤੀ ਕਿ ਅਵਾਰਾ ਪਸ਼ੂਆਂ ਨੂੰ ਗਊਸ਼ਾਲਾਵਾਂ ਵਿੱਚ ਭੇਜਣ ਦਾ ਤੁਰੰਤ ਪ੍ਰਬੰਧ ਕੀਤਾ ਜਾਵੇ ਤਾਂ ਜੋ ਕੀਮਤੀ ਜਾਨਾਂ ਬਚਾਈਆਂ ਜਾ ਸਕਣ। ਉਨ੍ਹਾਂ ਕਿਹਾ ਕਿ ਜੇਕਰ ਜਲਦ ਕੋਈ ਹੱਲ ਨਾ ਕੱਢਿਆ ਗਿਆ ਤਾਂ ਸ਼ਹਿਰ ਵਾਸੀ ਸੰਘਰਸ਼ ਕਰਨ ਲਈ ਮਜਬੂਰ ਹੋਣਗੇ।
ਤੇਜ਼ ਧਾਰ ਹਥਿਆਰਾਂ ਨਾਲ ਨੌਜਵਾਨ ਨੂੰ ਕੀਤਾ ਜ਼ਖਮੀ, ਸ਼ਹਿਰ 'ਚ ਅਮਨ ਕਾਨੂੰਨ ਦੀ ਸਥਿਤੀ ਵਿਗੜੀ
ਰਾਮਪੁਰਾ ਫੂਲ, 24 ਜੂਨ (ਗੁਰਪ੍ਰੀਤ ਸਿੰਘ) : ਸਥਾਨਕ ਸ਼ਹਿਰ ਵਿੱਚ ਬੀਤੀ ਰਾਤ ਕੁਝ ਅਣਪਛਾਤੇ ਵਿਅਕਤੀਆਂ ਵੱਲੋਂ ਤੇਜ਼ ਧਾਰ ਹਥਿਆਰਾਂ ਨਾਲ ਇੱਕ ਨੌਜਵਾਨ ਨੂੰ ਬੁਰੀ ਤਰ੍ਹਾਂ ਜ਼ਖਮੀ ਕਰ ਦਿੱਤਾ ਗਿਆ ਜਿਸ ਨੂੰ ਗੰਭੀਰ ਹਾਲਤ ਵਿੱਚ ਇਲਾਜ ਲਈ ਹਸਪਤਾਲ ਦਾਖਲ ਕਰਵਾਇਆ ਗਿਆ ਹੈ। ਪਰਿਵਾਰਕ ਮੈਂਬਰਾਂ ਨੇ ਦੱਸਿਆ ਕਿ ਪੁਰਾਣੀ ਰੰਜਿਸ਼ ਦੇ ਚੱਲਦਿਆਂ ਇਹ ਹਮਲਾ ਕੀਤਾ ਗਿਆ। ਸ਼ਹਿਰ ਵਾਸੀਆਂ ਨੇ ਕਿਹਾ ਕਿ ਸ਼ਹਿਰ ਵਿੱਚ ਅਮਨ ਕਾਨੂੰਨ ਦੀ ਸਥਿਤੀ ਦਿਨੋਂ ਦਿਨ ਵਿਗੜਦੀ ਜਾ ਰਹੀ ਹੈ ਅਤੇ ਪੁਲਿਸ ਪ੍ਰਸ਼ਾਸਨ ਨੂੰ ਦੋਸ਼ੀਆਂ ਨੂੰ ਜਲਦ ਗ੍ਰਿਫ਼ਤਾਰ ਕਰਕੇ ਸਖ਼ਤ ਕਾਰਵਾਈ ਕਰਨੀ ਚਾਹੀਦੀ ਹੈ।
ਮੁੱਖ ਮੰਤਰੀ ਭਗਵੰਤ ਮਾਨ ਨੇ ਪੈਨਸ਼ਨਰਾਂ 'ਤੇ ਦੋ ਸੌ ਰੁਪਏ ਮਹੀਨਾ ਟੈਕਸ ਲਗਾ ਕੇ ਕੀਤਾ ਲੋਕ ਹਿੱਤਾਂ ਨਾਲ ਖਿਲਵਾੜ : ਡਾ. ਧੀਰ
ਫਗਵਾੜਾ 24 ਜੂਨ (ਬੀ.ਕੇ. ਰੱਤੂ) : ਸਾਰੀ ਉਮਰ ਸਰਕਾਰੀ ਨੌਕਰੀ ਰਾਹੀਂ ਲੋਕਾਂ ਦੀ ਸੇਵਾ ਕਰਨ ਵਾਲੇ ਪੈਨਸ਼ਨਰਾਂ ਉੱਤੇ ਦੋ ਸੌ ਰੁਪਏ ਮਹੀਨਾ ਟੈਕਸ ਲਗਾ ਕੇ ਮੁੱਖ ਮੰਤਰੀ ਭਗਵੰਤ ਮਾਨ ਨੇ ਲੋਕ ਹਿੱਤਾਂ ਨਾਲ ਕੋਝਾ ਖਿਲਵਾੜ ਕੀਤਾ ਹੈ। ਇਨ੍ਹਾਂ ਸ਼ਬਦਾਂ ਦਾ ਪ੍ਰਗਟਾਵਾ ਡਾ. ਧੀਰ ਨੇ ਪੱਤਰਕਾਰਾਂ ਨਾਲ ਗੱਲਬਾਤ ਕਰਦਿਆਂ ਕੀਤਾ। ਉਨ੍ਹਾਂ ਕਿਹਾ ਕਿ ਬਜ਼ੁਰਗ ਪੈਨਸ਼ਨਰ ਪਹਿਲਾਂ ਹੀ ਮਹਿੰਗਾਈ ਦੀ ਮਾਰ ਝੱਲ ਰਹੇ ਹਨ ਅਤੇ ਉੱਪਰੋਂ ਇਹ ਨਵਾਂ ਟੈਕਸ ਉਨ੍ਹਾਂ ਦੀ ਆਰਥਿਕਤਾ ਉੱਤੇ ਹੋਰ ਬੋਝ ਪਾਵੇਗਾ। ਉਨ੍ਹਾਂ ਮੰਗ ਕੀਤੀ ਕਿ ਇਹ ਫੈਸਲਾ ਤੁਰੰਤ ਵਾਪਸ ਲਿਆ ਜਾਵੇ ਨਹੀਂ ਤਾਂ ਪੈਨਸ਼ਨਰ ਜਥੇਬੰਦੀਆਂ ਸੜਕਾਂ ਤੇ ਉਤਰਨ ਲਈ ਮਜਬੂਰ ਹੋਣਗੀਆਂ।
ਡਾ. ਬੀ.ਆਰ. ਅੰਬੇਡਕਰ ਲਾਇਬ੍ਰੇਰੀ ਵਿਖੇ ਚੀਫ ਆਫਿਸ ਦੇ ਅਸਿਸਟੈਂਟ ਪ੍ਰਭਾਤ ਰਾਜ, ਸਾਬਕਾ ਬਾਲਾ ਵਧਾਵਾ ਤੇ ਮੁਲਾਜ਼ਮ ਗੌਰਵ ਪਹੁੰਚੇ
☛ ਸਨਮਾਨ ਚਿੰਨ੍ਹ ਭੇਟ ਕਰਕੇ ਕੀਤਾ ਸਨਮਾਨਤ
ਫਗਵਾੜਾ 24 ਜੂਨ (ਬੀ.ਕੇ. ਰੱਤੂ) : ਡਾ. ਬੀ.ਆਰ. ਅੰਬੇਡਕਰ ਲਾਇਬ੍ਰੇਰੀ ਵਿਖੇ ਵਿਸ਼ੇਸ਼ ਸਮਾਗਮ ਦੌਰਾਨ ਪਹੁੰਚੇ ਮਹਿਮਾਨਾਂ ਦਾ ਨਿੱਘਾ ਸਵਾਗਤ ਕੀਤਾ ਗਿਆ। ਲਾਇਬ੍ਰੇਰੀ ਕਮੇਟੀ ਵੱਲੋਂ ਮਹਿਮਾਨਾਂ ਨੂੰ ਸਨਮਾਨ ਚਿੰਨ੍ਹ ਭੇਟ ਕਰਕੇ ਸਨਮਾਨਤ ਕੀਤਾ ਗਿਆ। ਇਸ ਮੌਕੇ ਬੁਲਾਰਿਆਂ ਨੇ ਵਿਦਿਆਰਥੀਆਂ ਨੂੰ ਡਾ. ਅੰਬੇਡਕਰ ਜੀ ਦੇ ਜੀਵਨ ਅਤੇ ਭਾਰਤੀ ਸੰਵਿਧਾਨ ਬਾਰੇ ਜਾਣਕਾਰੀ ਦਿੰਦਿਆਂ ਸਿੱਖਿਆ ਦੇ ਖੇਤਰ ਵਿੱਚ ਅੱਗੇ ਵਧਣ ਲਈ ਪ੍ਰੇਰਿਤ ਕੀਤਾ।
ਵਾਤਾਵਰਨ ਦੀ ਸੰਭਾਲ ਲਈ ਪੌਦੇ ਬੇਹੱਦ ਜ਼ਰੂਰੀ: ਪਰਮਜੀਤ ਰੰਮੀ
☛ ਭਾਰਤ ਵਿਕਾਸ ਪਰਿਸ਼ਦ ਮੈਂਬਰਾਂ ਨੇ ਲਾਏ ਬੂਟੇ
ਡੇਰਾਬੱਸੀ, 24 ਜੂਨ (ਹਰਬਿੰਦਰ ਸੈਣੀ) : ਭਾਰਤ ਵਿਕਾਸ ਪਰਿਸ਼ਦ ਦੇ ਮੈਂਬਰਾਂ ਵੱਲੋਂ ਵਾਤਾਵਰਨ ਦੀ ਸੰਭਾਲ ਲਈ ਵੱਖ ਵੱਖ ਥਾਵਾਂ ਤੇ ਛਾਂਦਾਰ ਅਤੇ ਫਲਦਾਰ ਬੂਟੇ ਲਗਾਏ ਗਏ। ਇਸ ਮੌਕੇ ਪ੍ਰਧਾਨ ਪਰਮਜੀਤ ਰੰਮੀ ਨੇ ਕਿਹਾ ਕਿ ਵਾਤਾਵਰਨ ਦੀ ਸੰਭਾਲ ਲਈ ਪੌਦੇ ਬੇਹੱਦ ਜ਼ਰੂਰੀ ਹਨ ਕਿਉਂਕਿ ਰੁੱਖ ਹੀ ਸਾਨੂੰ ਸ਼ੁੱਧ ਹਵਾ, ਛਾਂ ਅਤੇ ਫਲ ਦਿੰਦੇ ਹਨ। ਉਨ੍ਹਾਂ ਲੋਕਾਂ ਨੂੰ ਅਪੀਲ ਕੀਤੀ ਕਿ ਹਰ ਖੁਸ਼ੀ ਦੇ ਮੌਕੇ ਘੱਟੋ ਘੱਟ ਇੱਕ ਬੂਟ ਜ਼ਰੂਰ ਲਗਾਉਣ ਅਤੇ ਉਸ ਦੀ ਸਾਂਭ ਸੰਭਾਲ ਵੀ ਕਰਨ। ਇਸ ਮੌਕੇ ਪਰਿਸ਼ਦ ਦੇ ਸਮੂਹ ਮੈਂਬਰ ਹਾਜ਼ਰ ਸਨ।
ਐਨ.ਸੀ.ਸੀ. ਕੈਂਪ ਦੀ ਸ਼ਾਨਦਾਰ ਸਮਾਪਤੀ
NATIONAL CADET CORPS
ਜੰਡਿਆਲਾ ਗੁਰੂ, 24 ਜੂਨ (ਵਰੁਣ ਸੋਨੀ) ਅੱਜ ਸੇਂਟ ਸੋਲਜ਼ਰ ਇਲੀਟ ਕਾਨਵੈਂਟ ਸਕੂਲ, ਜੰਡਿਆਲਾ ਗੁਰੂ ਵਿੱਚ ਚਲ ਰਹੇ 10 ਦਿਨਾਂ ਐਨ.ਸੀ.ਸੀ. ਕੈਂਪ ਦੀ ਸ਼ਾਨਦਾਰ ਸਮਾਪਤੀ ਹੋਈ। ਇਸ ਕੈਂਪ ਦੇ ਇੰਚਾਰਜ ਕਰਨਲ ਕਰਨੈਲ ਸਿੰਘ ਮੁਤਾਬਕ 11 ਪੰਜਾਬ ਬਟਾਲੀਅਨ ਦੇ ਦੇਖ ਰੇਖ ਹੇਠ ਇਹ 10 ਰੋਜਾ ਕੈਂਪ ਲਗਾਇਆ ਗਿਆ ਜਿਥੇ ਬੱਚਿਆਂ ਨੂੰ ਸਰੀਰਕ ਫਿਟਨਿਸ ਦੇ ਨਾਲ ਨਾਲ ਮਿਲਟਰੀ ਟ੍ਰੇਨਿੰਗ, ਡਸਿਪਲਿਨ ਸਾਂਝੀਵਾਲਤਾ, ਸ਼ੂਟਿੰਗ ਅਤੇ ਪੀ.ਟੀ. ਦੇ ਗੁਰ ਸਿਖਾਏ ਗਏ। ਦੇਸ਼ ਭਗਤੀ ਦੀ ਭਾਵਨਾ ਨੂੰ ਉਜਾਗਰ ਕਰਨ ਲਈ ਬੱਚਿਆਂ ਵਿੱਚ ਦੇਸ਼ ਭਗਤੀ ਦਾ ਉਤਸਾਹ ਪੈਦਾ ਕੀਤਾ ਗਿਆ। ਅਖੀਰਲੇ ਦਿਨ ਬੱਚਿਆਂ ਵੱਲੋਂ ਸ਼ਾਨਦਾਰ ਰੰਗਾਰੰਗ ਪ੍ਰੋਗਰਾਮ ਪੇਸ਼ ਕੀਤਾ ਗਿਆ ਜਿਸ ਵਿੱਚ ਕੈਂਪ ਦੇ ਬੱਚਿਆਂ ਵੱਲੋਂ ਦੇਸ਼ ਭਗਤੀ ਦੇ ਗੀਤ, ਗਿੱਧਾ, ਸਕਿਟ, ਭੰਗੜਾ, ਡਾਂਸ ਆਦਿ ਪੇਸ਼ ਕੀਤੇ ਗਏ। ਇਸ ਪ੍ਰੋਗਰਾਮ ਵਿੱਚ ਸੇਂਟ ਸੋਲਜ਼ਰ ਸਕੂਲ ਦੀਆਂ ਬੱਚੀਆਂ ਨੇ ਇਬਾਦਤ ਕੌਰ ਦੀ ਕਮਾਂਡ ਹੇਠ ਸ਼ਾਨਦਾਰ ਡਾਂਸ ਪੇਸ਼ ਕੀਤਾ। ਇਸ ਪ੍ਰੋਗਰਾਮ ਦੇ ਮੁੱਖ ਮਹਿਮਾਨ ਵੱਜੋਂ ਡਾ. ਮੰਗਲ ਸਿੰਘ ਕਿਸ਼ਨਪੁਰੀ ਅਤੇ ਪ੍ਰਿੰਸੀਪਲ ਸ੍ਰੀਮਤੀ ਅਮਰਪ੍ਰੀਤ ਕੌਰ ਹਾਜਰ ਹੋਏ। ਉਨ੍ਹਾਂ ਬੱਚਿਆਂ ਨੂੰ ਇਨਾਮ ਤਕਸੀਮ ਕਰਦੇ ਹੋਏ ਬੱਚਿਆਂ ਨੂੰ ਪੰਜਾਬ ਨਾਲ ਪ੍ਰੇਮ ਕਰਨ ਤੇ ਪੰਜਾਬ ਦੇ ਚੰਗੇ ਭਵਿੱਖ ਵਿੱਚ ਯੋਗਦਾਨ ਲਈ ਪ੍ਰੇਰਨਾ ਦਿੱਤੀ ਤੇ ਬੱਚਿਆਂ ਦੇ ਸੁਨਿਹਰੀ ਭਵਿੱਖ ਲਈ ਕਾਮਨਾ ਕਰਦੇ ਹੋਏ ਐਨ.ਸੀ.ਸੀ. ਦੇ ਨਾਲ ਨਾਲ ਆਪਣੀ ਪੜ੍ਹਾਈ ਦਾ ਪੱਧਰ ਉੱਚਾ ਕਰਨ ਦੀ ਪ੍ਰੇਰਨਾ ਦਿੱਤੀ।
ਬਠਿੰਡਾ, ਮੁਕਤਸਰ, ਮਾਨਸਾ, ਅਬੋਹਰ, ਫਿਰੋਜ਼ਪੁਰ ਆਦਿ ਜ਼ਿਲ੍ਹਿਆਂ 'ਚ ਨਰਮੇ ਹੋਏ ਨੁਕਸਾਨ ਦਾ ਮੁਆਵਜਾ ਫੌਰੀ ਦਿੱਤਾ ਜਾਵੇ : ਮਾਨ
ਪਟਿਆਲਾ, 24 ਜੂਨ (ਕੁਲਦੀਪ ਸਿੰਘ ਸ਼ੁਤਰਾਣਾ) ਸ਼੍ਰੋਮਣੀ ਅਕਾਲੀ ਦਲ (ਅੰਮ੍ਰਿਤਸਰ) ਦੇ ਪ੍ਰਧਾਨ ਅਤੇ ਮੈਂਬਰ ਪਾਰਲੀਮੈਂਟ ਸ. ਸਿਮਰਨਜੀਤ ਸਿੰਘ ਮਾਨ ਨੇ ਪੰਜਾਬ ਸਰਕਾਰ ਤੋਂ ਮੰਗ ਕੀਤੀ ਹੈ ਕਿ ਬਠਿੰਡਾ, ਮੁਕਤਸਰ, ਮਾਨਸਾ, ਅਬੋਹਰ, ਫਿਰੋਜ਼ਪੁਰ ਆਦਿ ਜ਼ਿਲ੍ਹਿਆਂ ਵਿੱਚ ਨਰਮੇ ਦੀ ਫਸਲ ਦੇ ਹੋਏ ਨੁਕਸਾਨ ਦਾ ਮੁਆਵਜਾ ਕਿਸਾਨਾਂ ਨੂੰ ਫੌਰੀ ਦਿੱਤਾ ਜਾਵੇ। ਉਨ੍ਹਾਂ ਕਿਹਾ ਕਿ ਕਿਸਾਨ ਪਹਿਲਾਂ ਹੀ ਕਰਜ਼ੇ ਦੀ ਮਾਰ ਹੇਠ ਦੱਬੇ ਹੋਏ ਹਨ ਅਤੇ ਕੁਦਰਤੀ ਆਫ਼ਤਾਂ ਨੇ ਉਨ੍ਹਾਂ ਦੀ ਆਰਥਿਕਤਾ ਨੂੰ ਹੋਰ ਡੂੰਘੀ ਸੱਟ ਮਾਰੀ ਹੈ। ਸਰਕਾਰ ਨੂੰ ਚਾਹੀਦਾ ਹੈ ਕਿ ਵਿਸ਼ੇਸ਼ ਗਿਰਦਾਵਰੀ ਕਰਵਾ ਕੇ ਪ੍ਰਭਾਵਿਤ ਕਿਸਾਨਾਂ ਦੀ ਬਾਂਹ ਫੜੇ।
ਲਾਲਜੀਤ ਸਿੰਘ ਭੁੱਲਰ ਨੇ ਰੱਖਿਆ 3 ਕਰੋੜ 33 ਲੱਖ ਰੁਪਏ ਦੀ ਲਾਗਤ ਨਾਲ ਸੜਕ ਬਣਾਉਣ ਦਾ ਨੀਂਹ ਪੱਥਰ
ਪੱਟੀ, 24 ਜੂਨ (ਮਹਿਲ ਸਿੰਘ ਸਿੱਧੂ): ਕੈਬਨਿਟ ਮੰਤਰੀ ਪੰਜਾਬ ਲਾਲਜੀਤ ਸਿੰਘ ਭੁੱਲਰ ਨੇ ਪੱਟੀ ਤੋਂ ਆਸਲ, ਭੱਗੂਪੁਰ, ਸੰਗਵਾਂ ਸੜਕ ਬਣਾਉਣ ਦਾ ਨੀਂਹ ਪੱਥਰ ਰੱਖਿਆ। ਇਸ ਸੜਕ ਉੱਤੇ 3 ਕਰੋੜ 33 ਲੱਖ ਰੁਪਏ ਦੀ ਲਾਗਤ ਆਵੇਗੀ ਅਤੇ ਇਹ ਮਿੱਥੇ ਸਮੇਂ ਵਿੱਚ ਮੁਕੰਮਲ ਕੀਤੀ ਜਾਵੇਗੀ।
ਇਸ ਮੌਕੇ ਸੰਬੋਧਨ ਕਰਦਿਆਂ ਮੰਤਰੀ ਨੇ ਕਿਹਾ ਕਿ ਪੰਜਾਬ ਸਰਕਾਰ ਪਿੰਡਾਂ ਦੇ ਸਰਬਪੱਖੀ ਵਿਕਾਸ ਲਈ ਵਚਨਬੱਧ ਹੈ ਅਤੇ ਹਲਕੇ ਦੀਆਂ ਸਾਰੀਆਂ ਲਿੰਕ ਸੜਕਾਂ ਦੀ ਮੁਰੰਮਤ ਜਲਦ ਸ਼ੁਰੂ ਕਰਵਾਈ ਜਾਵੇਗੀ। ਉਨ੍ਹਾਂ ਕਿਹਾ ਕਿ ਵਿਕਾਸ ਕੰਮਾਂ ਵਿੱਚ ਕੋਈ ਢਿੱਲ ਬਰਦਾਸ਼ਤ ਨਹੀਂ ਕੀਤੀ ਜਾਵੇਗੀ।
ਇਸ ਮੌਕੇ ਉਨ੍ਹਾਂ ਨਾਲ ਹਰਚਰਨ ਸਿੰਘ ਐਮ.ਐਲ.ਏ., ਜੁਗਰਾਜ ਸਿੰਘ, ਸੁਖਦੇਵ ਸਿੰਘ ਚੇਅਰਮੈਨ, ਬਲਕਾਰ ਸਿੰਘ ਔਜਲਾ, ਗੁਰਦੀਪ ਸਿੰਘ ਭੱਗੂਪੁਰ, ਕੁਲਵੰਤ ਸਿੰਘ ਆਸਲ, ਮਨਜੀਤ ਸਿੰਘ ਸੰਗਵਾਂ, ਹਰਪ੍ਰੀਤ ਸਿੰਘ, ਜਸਵੰਤ ਸਿੰਘ ਸਰਪੰਚ, ਗੁਰਮੀਤ ਸਿੰਘ, ਪਰਮਜੀਤ ਸਿੰਘ, ਬਲਵਿੰਦਰ ਸਿੰਘ ਪੰਚ, ਸੁਖਵਿੰਦਰ ਸਿੰਘ, ਰਣਜੀਤ ਸਿੰਘ, ਹਰਜਿੰਦਰ ਸਿੰਘ, ਕਸ਼ਮੀਰ ਸਿੰਘ, ਗੁਰਭੇਜ ਸਿੰਘ, ਨਿਰਮਲ ਸਿੰਘ, ਸਤਨਾਮ ਸਿੰਘ, ਬਲਜੀਤ ਸਿੰਘ, ਦਿਲਬਾਗ ਸਿੰਘ, ਜਰਨੈਲ ਸਿੰਘ, ਸੁਰਜੀਤ ਸਿੰਘ ਅਤੇ ਸਮੂਹ ਪਿੰਡ ਵਾਸੀਆਂ ਤੋਂ ਇਲਾਵਾ ਇਲਾਕੇ ਦੇ ਪਤਵੰਤੇ ਸੱਜਣ ਆਦਿ ਹਾਜ਼ਰ ਸਨ। ਪਿੰਡ ਵਾਸੀਆਂ ਨੇ ਮੰਤਰੀ ਦਾ ਸਨਮਾਨ ਕਰਦਿਆਂ ਧੰਨਵਾਦ ਕੀਤਾ।
